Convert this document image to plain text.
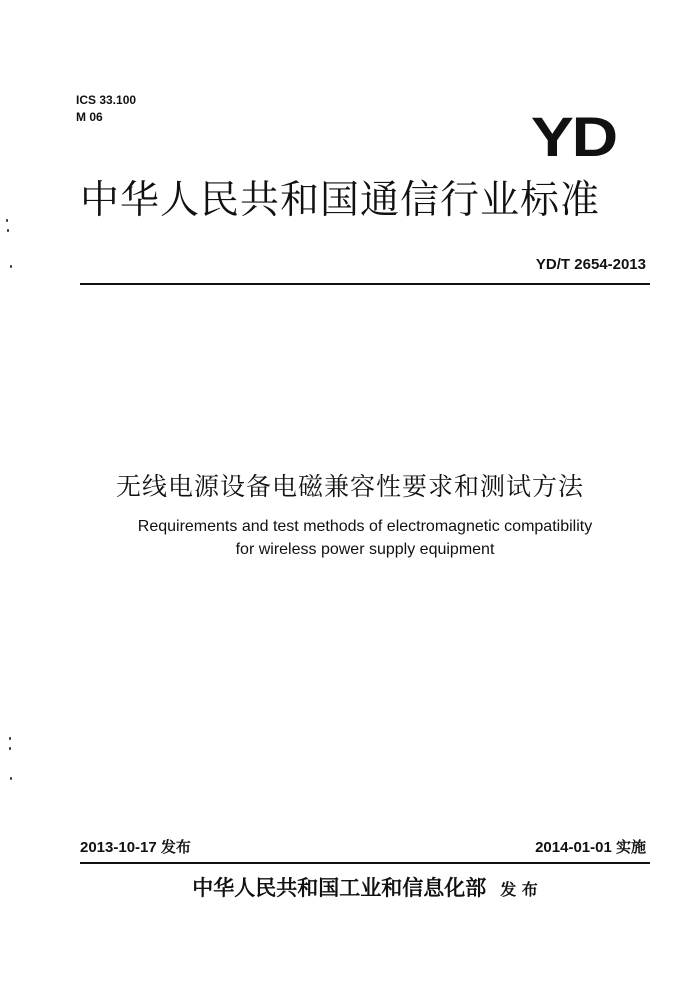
ICS 33.100
M 06	YD
中华人民共和国通信行业标准
YD/T 2654-2013
无线电源设备电磁兼容性要求和测试方法
Requirements and test methods of electromagnetic compatibility
for wireless power supply equipment
2013-10-17 发布	2014-01-01 实施
中华人民共和国工业和信息化部 发 布
